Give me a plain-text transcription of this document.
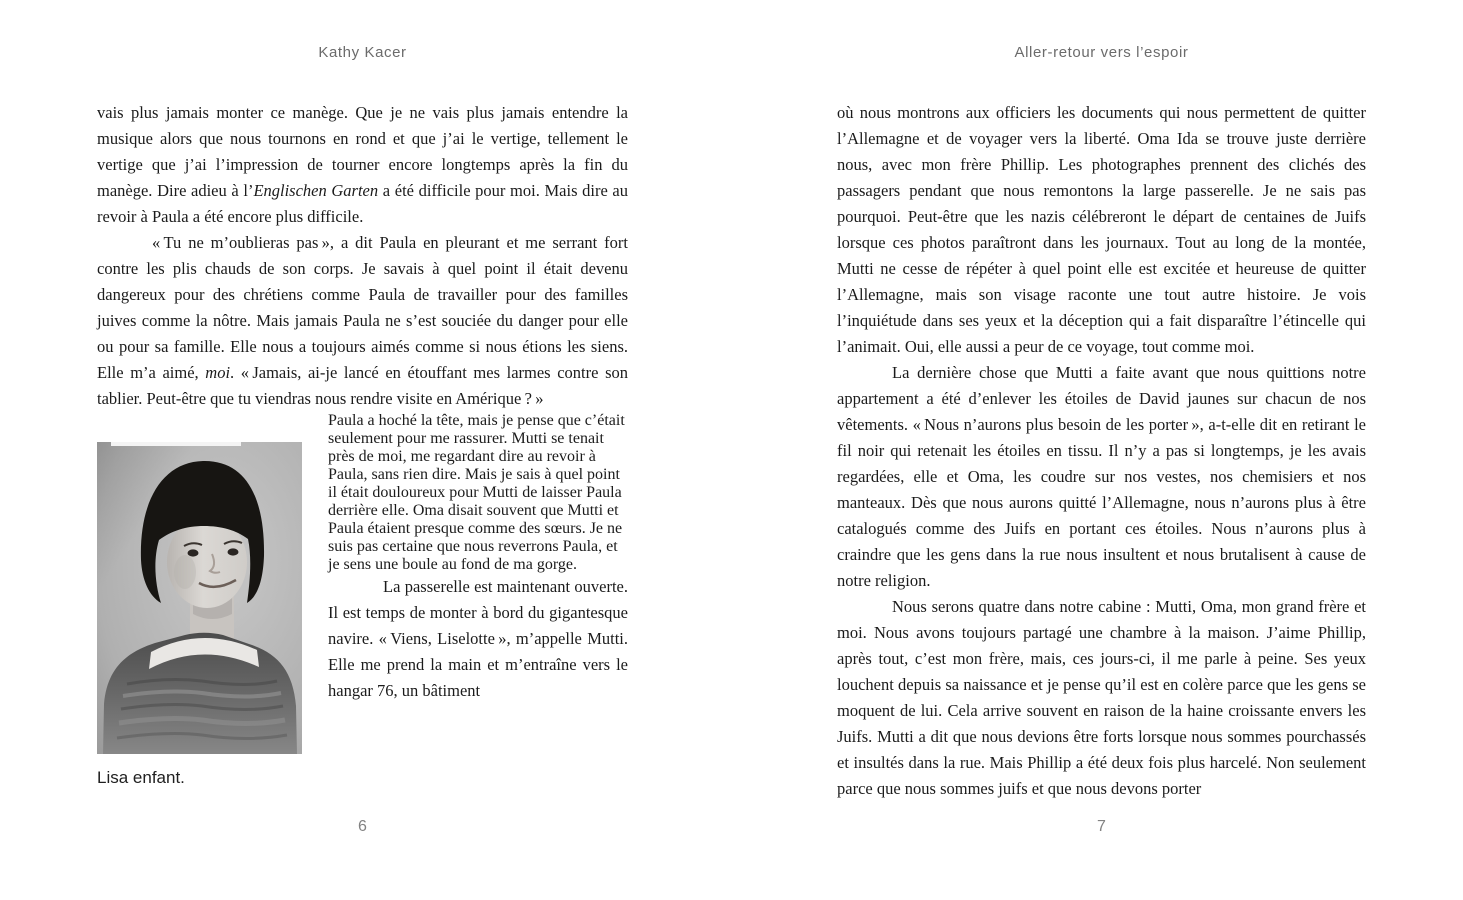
Kathy Kacer

vais plus jamais monter ce manège. Que je ne vais plus jamais entendre la musique alors que nous tournons en rond et que j’ai le vertige, tellement le vertige que j’ai l’impression de tourner encore longtemps après la fin du manège. Dire adieu à l’Englischen Garten a été difficile pour moi. Mais dire au revoir à Paula a été encore plus difficile.

« Tu ne m’oublieras pas », a dit Paula en pleurant et me serrant fort contre les plis chauds de son corps. Je savais à quel point il était devenu dangereux pour des chrétiens comme Paula de travailler pour des familles juives comme la nôtre. Mais jamais Paula ne s’est souciée du danger pour elle ou pour sa famille. Elle nous a toujours aimés comme si nous étions les siens. Elle m’a aimé, moi. « Jamais, ai-je lancé en étouffant mes larmes contre son tablier. Peut-être que tu viendras nous rendre visite en Amérique ? »

Lisa enfant.
Paula a hoché la tête, mais je pense que c’était seulement pour me rassurer. Mutti se tenait près de moi, me regardant dire au revoir à Paula, sans rien dire. Mais je sais à quel point il était douloureux pour Mutti de laisser Paula derrière elle. Oma disait souvent que Mutti et Paula étaient presque comme des sœurs. Je ne suis pas certaine que nous reverrons Paula, et je sens une boule au fond de ma gorge.

La passerelle est maintenant ouverte. Il est temps de monter à bord du gigantesque navire. « Viens, Liselotte », m’appelle Mutti. Elle me prend la main et m’entraîne vers le hangar 76, un bâtiment

6
Aller-retour vers l’espoir

où nous montrons aux officiers les documents qui nous permettent de quitter l’Allemagne et de voyager vers la liberté. Oma Ida se trouve juste derrière nous, avec mon frère Phillip. Les photographes prennent des clichés des passagers pendant que nous remontons la large passerelle. Je ne sais pas pourquoi. Peut-être que les nazis célébreront le départ de centaines de Juifs lorsque ces photos paraîtront dans les journaux. Tout au long de la montée, Mutti ne cesse de répéter à quel point elle est excitée et heureuse de quitter l’Allemagne, mais son visage raconte une tout autre histoire. Je vois l’inquiétude dans ses yeux et la déception qui a fait disparaître l’étincelle qui l’animait. Oui, elle aussi a peur de ce voyage, tout comme moi.

La dernière chose que Mutti a faite avant que nous quittions notre appartement a été d’enlever les étoiles de David jaunes sur chacun de nos vêtements. « Nous n’aurons plus besoin de les porter », a-t-elle dit en retirant le fil noir qui retenait les étoiles en tissu. Il n’y a pas si longtemps, je les avais regardées, elle et Oma, les coudre sur nos vestes, nos chemisiers et nos manteaux. Dès que nous aurons quitté l’Allemagne, nous n’aurons plus à être catalogués comme des Juifs en portant ces étoiles. Nous n’aurons plus à craindre que les gens dans la rue nous insultent et nous brutalisent à cause de notre religion.

Nous serons quatre dans notre cabine : Mutti, Oma, mon grand frère et moi. Nous avons toujours partagé une chambre à la maison. J’aime Phillip, après tout, c’est mon frère, mais, ces jours-ci, il me parle à peine. Ses yeux louchent depuis sa naissance et je pense qu’il est en colère parce que les gens se moquent de lui. Cela arrive souvent en raison de la haine croissante envers les Juifs. Mutti a dit que nous devions être forts lorsque nous sommes pourchassés et insultés dans la rue. Mais Phillip a été deux fois plus harcelé. Non seulement parce que nous sommes juifs et que nous devons porter

7
